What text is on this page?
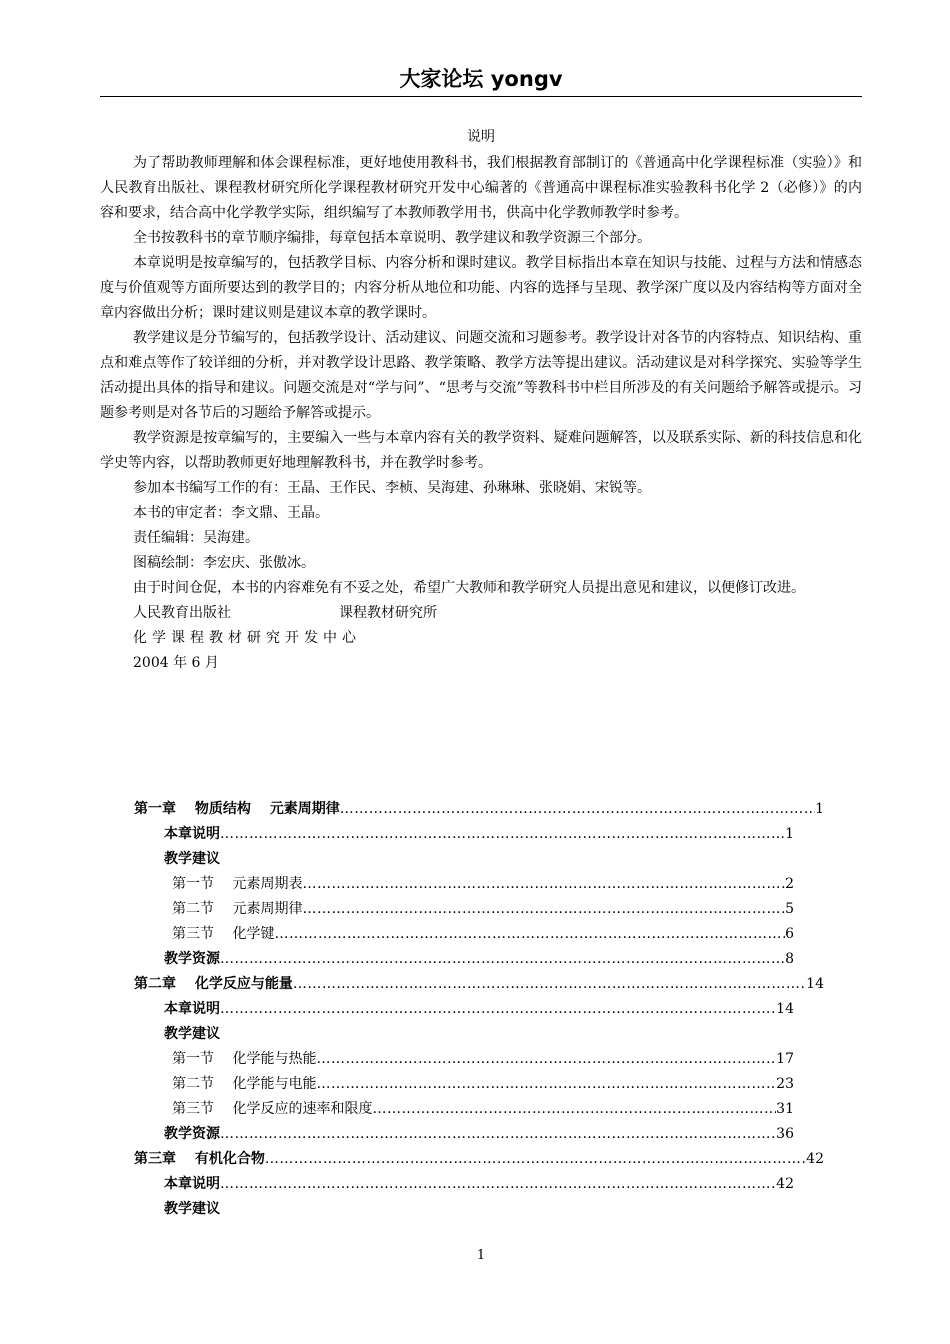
大家论坛 yongv
说明

为了帮助教师理解和体会课程标准，更好地使用教科书，我们根据教育部制订的《普通高中化学课程标准（实验）》和人民教育出版社、课程教材研究所化学课程教材研究开发中心编著的《普通高中课程标准实验教科书化学 2（必修）》的内容和要求，结合高中化学教学实际，组织编写了本教师教学用书，供高中化学教师教学时参考。

全书按教科书的章节顺序编排，每章包括本章说明、教学建议和教学资源三个部分。

本章说明是按章编写的，包括教学目标、内容分析和课时建议。教学目标指出本章在知识与技能、过程与方法和情感态度与价值观等方面所要达到的教学目的；内容分析从地位和功能、内容的选择与呈现、教学深广度以及内容结构等方面对全章内容做出分析；课时建议则是建议本章的教学课时。

教学建议是分节编写的，包括教学设计、活动建议、问题交流和习题参考。教学设计对各节的内容特点、知识结构、重点和难点等作了较详细的分析，并对教学设计思路、教学策略、教学方法等提出建议。活动建议是对科学探究、实验等学生活动提出具体的指导和建议。问题交流是对“学与问”、“思考与交流”等教科书中栏目所涉及的有关问题给予解答或提示。习题参考则是对各节后的习题给予解答或提示。

教学资源是按章编写的，主要编入一些与本章内容有关的教学资料、疑难问题解答，以及联系实际、新的科技信息和化学史等内容，以帮助教师更好地理解教科书，并在教学时参考。

参加本书编写工作的有：王晶、王作民、李桢、吴海建、孙琳琳、张晓娟、宋锐等。

本书的审定者：李文鼎、王晶。

责任编辑：吴海建。

图稿绘制：李宏庆、张傲冰。

由于时间仓促，本书的内容难免有不妥之处，希望广大教师和教学研究人员提出意见和建议，以便修订改进。

人民教育出版社	课程教材研究所

化学课程教材研究开发中心

2004 年 6 月

第一章　 物质结构　 元素周期律 …………………………………………………………………………………………………………………………………………………………………………………………	1
本章说明 …………………………………………………………………………………………………………………………………………………………………………………………	1
教学建议
第一节　 元素周期表 …………………………………………………………………………………………………………………………………………………………………………………………	2
第二节　 元素周期律 …………………………………………………………………………………………………………………………………………………………………………………………	5
第三节　 化学键 …………………………………………………………………………………………………………………………………………………………………………………………	6
教学资源 …………………………………………………………………………………………………………………………………………………………………………………………	8
第二章　 化学反应与能量 …………………………………………………………………………………………………………………………………………………………………………………………	14
本章说明 …………………………………………………………………………………………………………………………………………………………………………………………	14
教学建议
第一节　 化学能与热能 …………………………………………………………………………………………………………………………………………………………………………………………	17
第二节　 化学能与电能 …………………………………………………………………………………………………………………………………………………………………………………………	23
第三节　 化学反应的速率和限度 …………………………………………………………………………………………………………………………………………………………………………………………	31
教学资源 …………………………………………………………………………………………………………………………………………………………………………………………	36
第三章　 有机化合物 …………………………………………………………………………………………………………………………………………………………………………………………	42
本章说明 …………………………………………………………………………………………………………………………………………………………………………………………	42
教学建议
1
